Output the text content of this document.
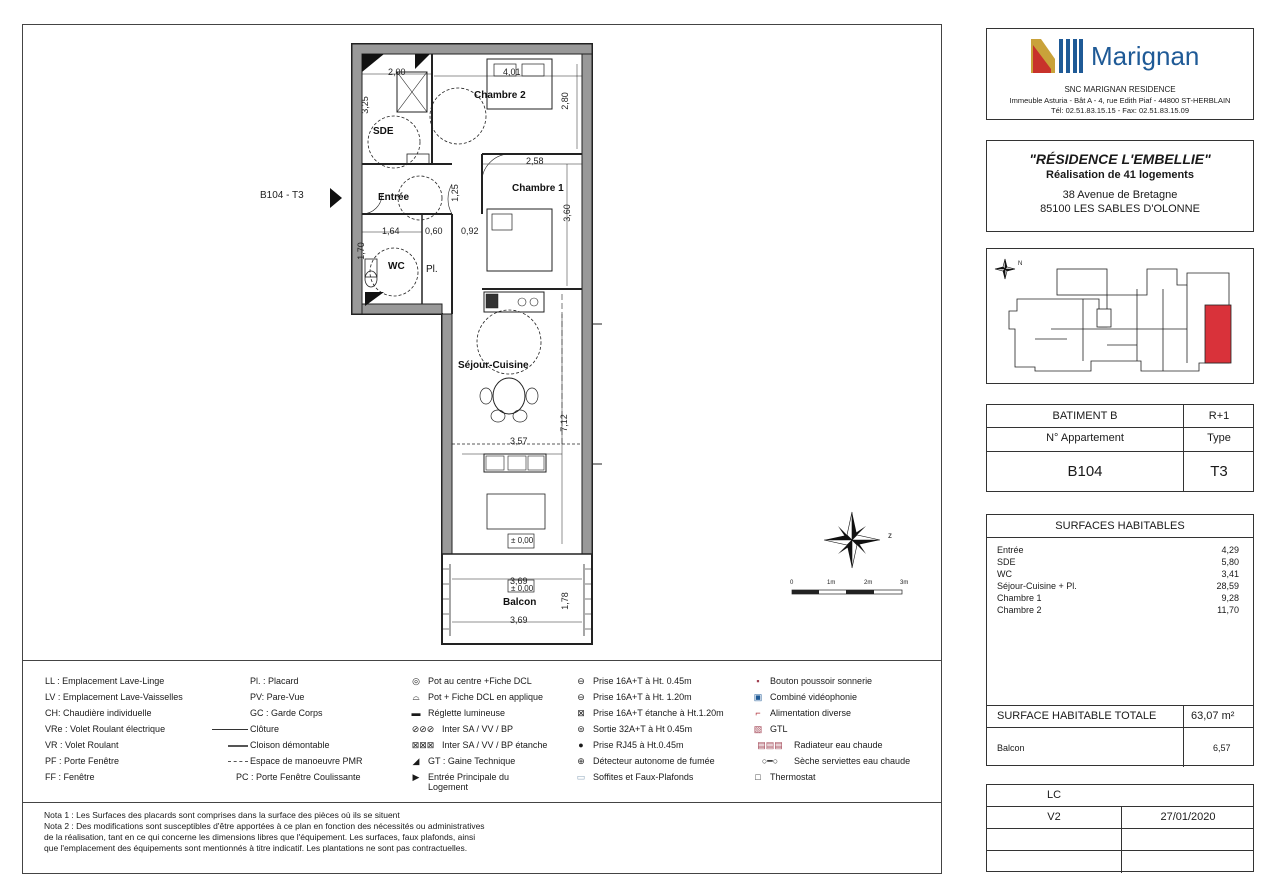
z
B104 - T3
Chambre 2
SDE
Entrée
Chambre 1
WC Pl.
Séjour-Cuisine
Balcon
2,00	4,01
3,25	2,80
2,58
1,25
3,60
1,64	0,60 0,92
1,70
3,57
7,12
± 0,00
3,69
± 0,00
1,78
3,69
0	1m	2m	3m
LL : Emplacement Lave-Linge
LV : Emplacement Lave-Vaisselles
CH: Chaudière individuelle
VRe : Volet Roulant électrique
VR : Volet Roulant
PF : Porte Fenêtre
FF : Fenêtre
Pl. : Placard
PV: Pare-Vue
GC : Garde Corps
Clôture
Cloison démontable
Espace de manoeuvre PMR
PC : Porte Fenêtre Coulissante
◎ Pot au centre +Fiche DCL
⌓ Pot + Fiche DCL en applique
▬ Réglette lumineuse
⊘⊘⊘ Inter SA / VV / BP
⊠⊠⊠ Inter SA / VV / BP étanche
◢ GT : Gaine Technique
▶ Entrée Principale du Logement
⊖ Prise 16A+T à Ht. 0.45m
⊖ Prise 16A+T à Ht. 1.20m
⊠ Prise 16A+T étanche à Ht.1.20m
⊜ Sortie 32A+T à Ht 0.45m
● Prise RJ45 à Ht.0.45m
⊕ Détecteur autonome de fumée
▭ Soffites et Faux-Plafonds
▪ Bouton poussoir sonnerie
▣ Combiné vidéophonie
⌐ Alimentation diverse
▧ GTL
▤▤▤ Radiateur eau chaude
○━○ Sèche serviettes eau chaude
□ Thermostat
Nota 1 : Les Surfaces des placards sont comprises dans la surface des pièces où ils se situent
Nota 2 : Des modifications sont susceptibles d'être apportées à ce plan en fonction des nécessités ou administratives
de la réalisation, tant en ce qui concerne les dimensions libres que l'équipement. Les surfaces, faux plafonds, ainsi
que l'emplacement des équipements sont mentionnés à titre indicatif. Les plantations ne sont pas contractuelles.
Marignan
SNC MARIGNAN RESIDENCE
Immeuble Asturia - Bât A - 4, rue Edith Piaf - 44800 ST-HERBLAIN
Tél: 02.51.83.15.15 - Fax: 02.51.83.15.09
"RÉSIDENCE L'EMBELLIE"
Réalisation de 41 logements
38 Avenue de Bretagne
85100 LES SABLES D'OLONNE
N
BATIMENT B	R+1
N° Appartement	Type
B104	T3
SURFACES HABITABLES
Entrée	4,29
SDE	5,80
WC	3,41
Séjour-Cuisine + Pl.	28,59
Chambre 1	9,28
Chambre 2	11,70
SURFACE HABITABLE TOTALE	63,07 m²
Balcon	6,57
LC
V2	27/01/2020
